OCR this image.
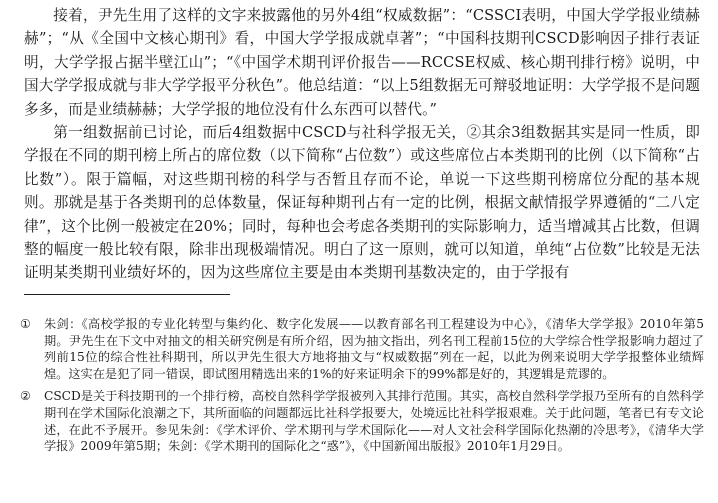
接着，尹先生用了这样的文字来披露他的另外4组“权威数据”：“CSSCI表明，中国大学学报业绩赫赫”；“从《全国中文核心期刊》看，中国大学学报成就卓著”；“中国科技期刊CSCD影响因子排行表证明，大学学报占据半壁江山”；“《中国学术期刊评价报告——RCCSE权威、核心期刊排行榜》说明，中国大学学报成就与非大学学报平分秋色”。他总结道：“以上5组数据无可辩驳地证明：大学学报不是问题多多，而是业绩赫赫；大学学报的地位没有什么东西可以替代。”

第一组数据前已讨论，而后4组数据中CSCD与社科学报无关，②其余3组数据其实是同一性质，即学报在不同的期刊榜上所占的席位数（以下简称“占位数”）或这些席位占本类期刊的比例（以下简称“占比数”）。限于篇幅，对这些期刊榜的科学与否暂且存而不论，单说一下这些期刊榜席位分配的基本规则。那就是基于各类期刊的总体数量，保证每种期刊占有一定的比例，根据文献情报学界遵循的“二八定律”，这个比例一般被定在20%；同时，每种也会考虑各类期刊的实际影响力，适当增减其占比数，但调整的幅度一般比较有限，除非出现极端情况。明白了这一原则，就可以知道，单纯“占位数”比较是无法证明某类期刊业绩好坏的，因为这些席位主要是由本类期刊基数决定的，由于学报有

①	朱剑：《高校学报的专业化转型与集约化、数字化发展——以教育部名刊工程建设为中心》，《清华大学学报》2010年第5期。尹先生在下文中对抽文的相关研究例是有所介绍，因为抽文指出，列名刊工程前15位的大学综合性学报影响力超过了列前15位的综合性社科期刊，所以尹先生很大方地将抽文与“权威数据”列在一起，以此为例来说明大学学报整体业绩辉煌。这实在是犯了同一错误，即试图用精选出来的1%的好来证明余下的99%都是好的，其逻辑是荒谬的。
②	CSCD是关于科技期刊的一个排行榜，高校自然科学学报被列入其排行范围。其实，高校自然科学学报乃至所有的自然科学期刊在学术国际化浪潮之下，其所面临的问题都远比社科学报要大，处境远比社科学报艰难。关于此问题，笔者已有专文论述，在此不予展开。参见朱剑：《学术评价、学术期刊与学术国际化——对人文社会科学国际化热潮的冷思考》，《清华大学学报》2009年第5期；朱剑：《学术期刊的国际化之“惑”》，《中国新闻出版报》2010年1月29日。
